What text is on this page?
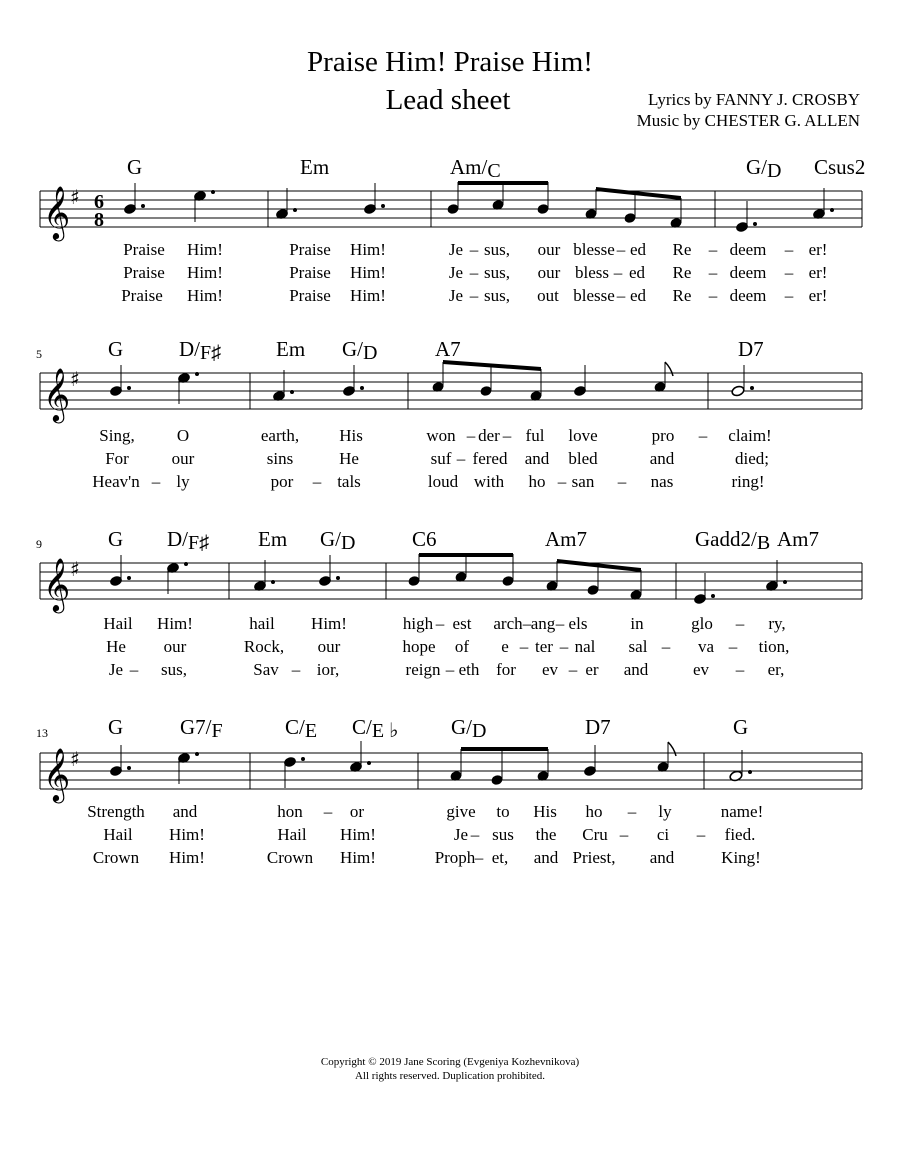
Praise Him! Praise Him!
Lead sheet	Lyrics by FANNY J. CROSBY
Music by CHESTER G. ALLEN
𝄞 ♯ 6
8
G	Em	Am/C	G/D Csus2
Praise Him!	Praise Him!	Je – sus, our blesse – ed Re – deem – er!
Praise Him!	Praise Him!	Je – sus, our bless – ed Re – deem – er!
Praise Him!	Praise Him!	Je – sus, out blesse – ed Re – deem – er!
5
𝄞 ♯
G	D/F♯	Em G/D	A7	D7
Sing, O	earth, His	won – der – ful love	pro – claim!
For	our	sins	He	suf – fered and bled	and	died;
Heav'n – ly	por – tals	loud with ho – san – nas	ring!
9
𝄞 ♯
G D/F♯ Em G/D	C6	Am7	Gadd2/B Am7
Hail Him!	hail Him!	high – est arch – ang – els	in	glo – ry,
He our	Rock, our	hope of e – ter – nal sal – va – tion,
Je – sus,	Sav – ior,	reign – eth for ev – er and	ev – er,
13
𝄞 ♯
G	G7/F	C/E C/E ♭	G/D	D7	G
Strength and	hon – or	give to His ho – ly	name!
Hail Him!	Hail Him!	Je – sus the Cru – ci – fied.
Crown Him!	Crown Him!	Proph – et, and Priest, and	King!
Copyright © 2019 Jane Scoring (Evgeniya Kozhevnikova)
All rights reserved. Duplication prohibited.
